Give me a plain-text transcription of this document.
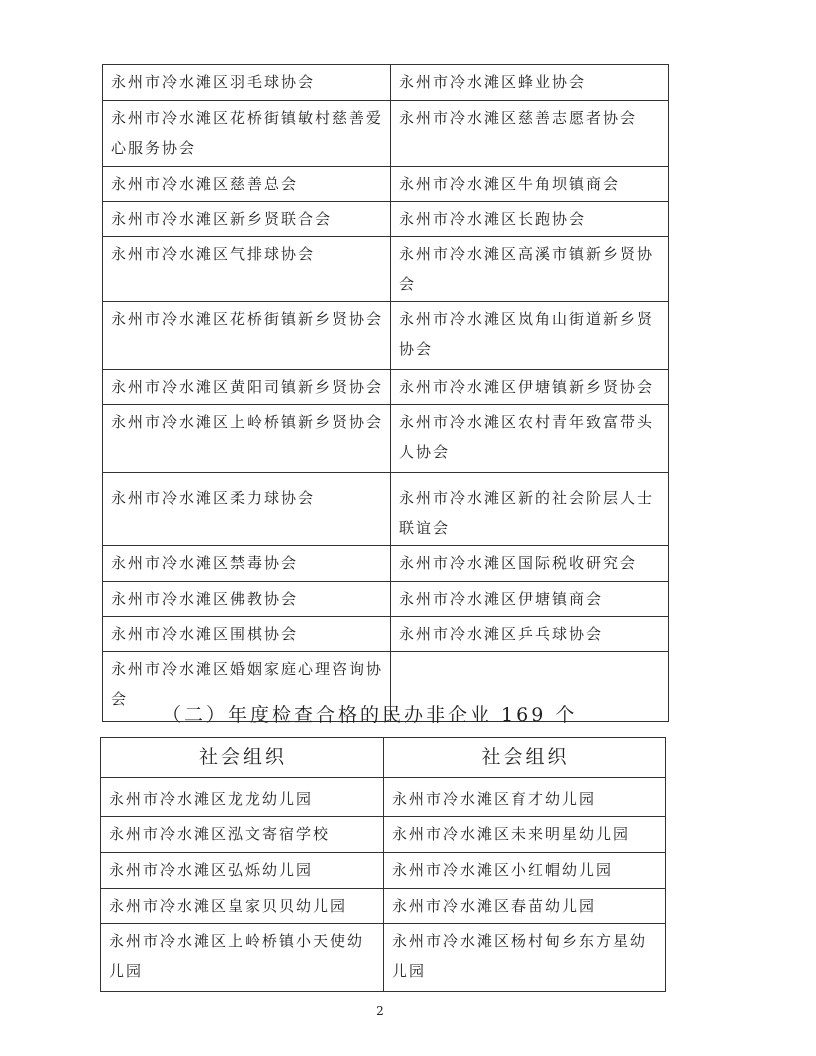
永州市冷水滩区羽毛球协会	永州市冷水滩区蜂业协会
永州市冷水滩区花桥街镇敏村慈善爱心服务协会	永州市冷水滩区慈善志愿者协会
永州市冷水滩区慈善总会	永州市冷水滩区牛角坝镇商会
永州市冷水滩区新乡贤联合会	永州市冷水滩区长跑协会
永州市冷水滩区气排球协会	永州市冷水滩区高溪市镇新乡贤协会
永州市冷水滩区花桥街镇新乡贤协会	永州市冷水滩区岚角山街道新乡贤协会
永州市冷水滩区黄阳司镇新乡贤协会	永州市冷水滩区伊塘镇新乡贤协会
永州市冷水滩区上岭桥镇新乡贤协会	永州市冷水滩区农村青年致富带头人协会
永州市冷水滩区柔力球协会	永州市冷水滩区新的社会阶层人士联谊会
永州市冷水滩区禁毒协会	永州市冷水滩区国际税收研究会
永州市冷水滩区佛教协会	永州市冷水滩区伊塘镇商会
永州市冷水滩区围棋协会	永州市冷水滩区乒乓球协会
永州市冷水滩区婚姻家庭心理咨询协会	
（二）年度检查合格的民办非企业 169 个
社会组织	社会组织
永州市冷水滩区龙龙幼儿园	永州市冷水滩区育才幼儿园
永州市冷水滩区泓文寄宿学校	永州市冷水滩区未来明星幼儿园
永州市冷水滩区弘烁幼儿园	永州市冷水滩区小红帽幼儿园
永州市冷水滩区皇家贝贝幼儿园	永州市冷水滩区春苗幼儿园
永州市冷水滩区上岭桥镇小天使幼儿园	永州市冷水滩区杨村甸乡东方星幼儿园
2
